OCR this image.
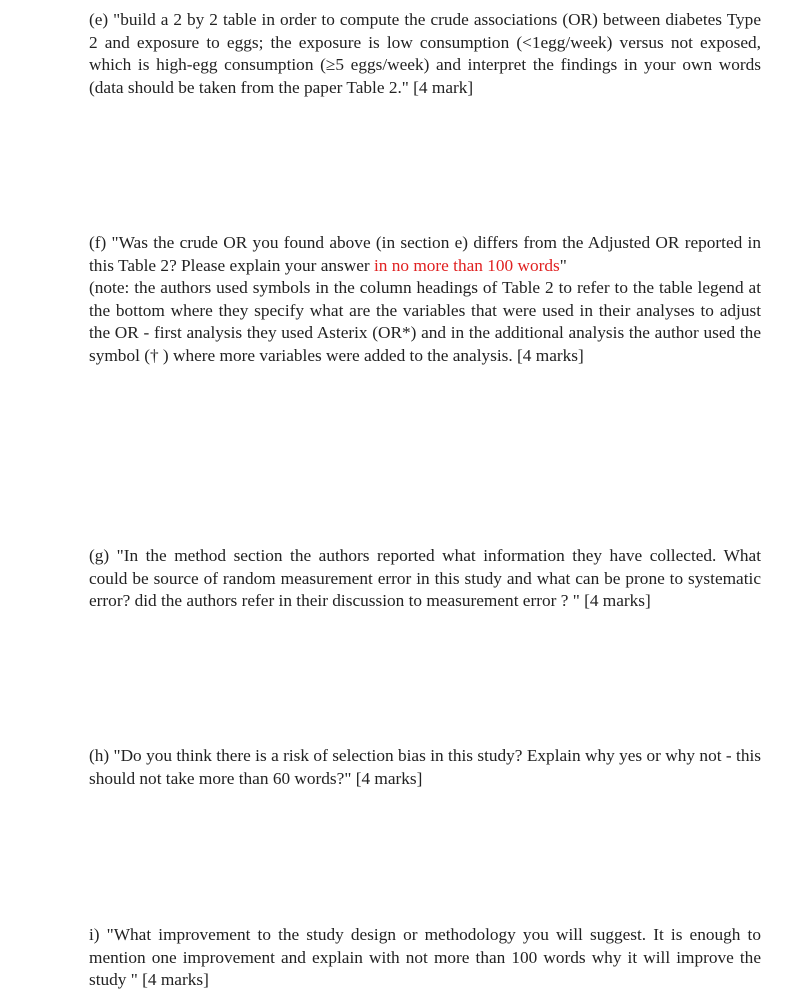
(e) "build a 2 by 2 table in order to compute the crude associations (OR) between diabetes Type 2 and exposure to eggs; the exposure is low consumption (<1egg/week) versus not exposed, which is high-egg consumption (≥5 eggs/week) and interpret the findings in your own words (data should be taken from the paper Table 2." [4 mark]

(f) "Was the crude OR you found above (in section e) differs from the Adjusted OR reported in this Table 2? Please explain your answer in no more than 100 words"
(note: the authors used symbols in the column headings of Table 2 to refer to the table legend at the bottom where they specify what are the variables that were used in their analyses to adjust the OR - first analysis they used Asterix (OR*) and in the additional analysis the author used the symbol († ) where more variables were added to the analysis. [4 marks]

(g) "In the method section the authors reported what information they have collected. What could be source of random measurement error in this study and what can be prone to systematic error? did the authors refer in their discussion to measurement error ? " [4 marks]

(h) "Do you think there is a risk of selection bias in this study? Explain why yes or why not - this should not take more than 60 words?" [4 marks]

i) "What improvement to the study design or methodology you will suggest. It is enough to mention one improvement and explain with not more than 100 words why it will improve the study " [4 marks]
